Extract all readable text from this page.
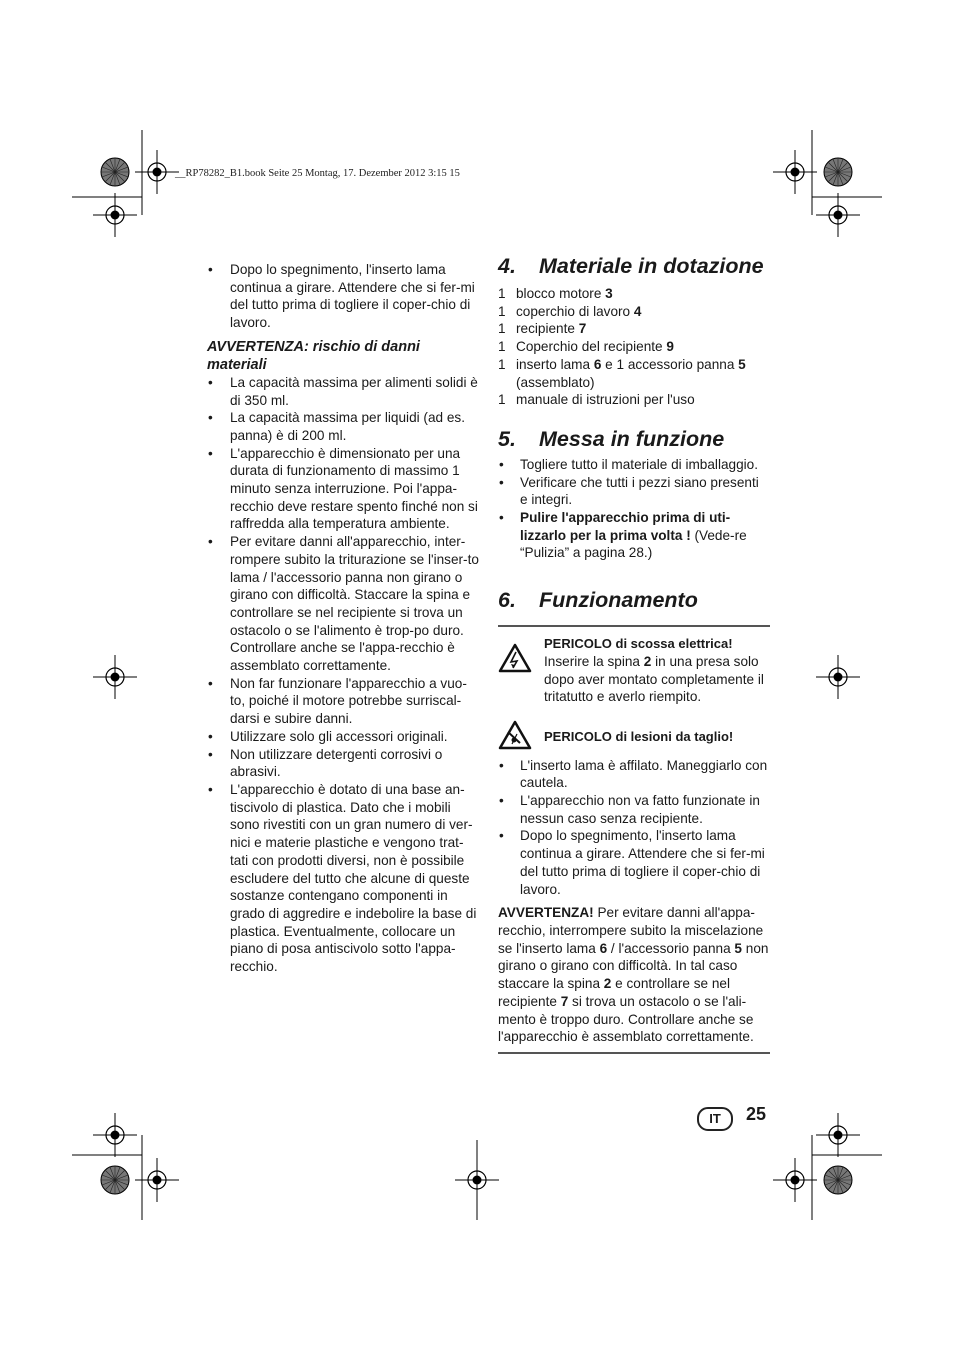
__RP78282_B1.book Seite 25 Montag, 17. Dezember 2012 3:15 15
• Dopo lo spegnimento, l'inserto lama continua a girare. Attendere che si fer-mi del tutto prima di togliere il coper-chio di lavoro.
AVVERTENZA: rischio di danni materiali
• La capacità massima per alimenti solidi è di 350 ml.
• La capacità massima per liquidi (ad es. panna) è di 200 ml.
• L'apparecchio è dimensionato per una durata di funzionamento di massimo 1 minuto senza interruzione. Poi l'appa-recchio deve restare spento finché non si raffredda alla temperatura ambiente.
• Per evitare danni all'apparecchio, inter-rompere subito la triturazione se l'inser-to lama / l'accessorio panna non girano o girano con difficoltà. Staccare la spina e controllare se nel recipiente si trova un ostacolo o se l'alimento è trop-po duro. Controllare anche se l'appa-recchio è assemblato correttamente.
• Non far funzionare l'apparecchio a vuo-to, poiché il motore potrebbe surriscal-darsi e subire danni.
• Utilizzare solo gli accessori originali.
• Non utilizzare detergenti corrosivi o abrasivi.
• L'apparecchio è dotato di una base an-tiscivolo di plastica. Dato che i mobili sono rivestiti con un gran numero di ver-nici e materie plastiche e vengono trat-tati con prodotti diversi, non è possibile escludere del tutto che alcune di queste sostanze contengano componenti in grado di aggredire e indebolire la base di plastica. Eventualmente, collocare un piano di posa antiscivolo sotto l'appa-recchio.
4.	Materiale in dotazione
1 blocco motore 3
1 coperchio di lavoro 4
1 recipiente 7
1 Coperchio del recipiente 9
1 inserto lama 6 e 1 accessorio panna 5 (assemblato)
1 manuale di istruzioni per l'uso
5.	Messa in funzione
• Togliere tutto il materiale di imballaggio.
• Verificare che tutti i pezzi siano presenti e integri.
• Pulire l'apparecchio prima di uti-lizzarlo per la prima volta ! (Vede-re “Pulizia” a pagina 28.)
6.	Funzionamento
PERICOLO di scossa elettrica!
Inserire la spina 2 in una presa solo dopo aver montato completamente il tritatutto e averlo riempito.
PERICOLO di lesioni da taglio!
• L'inserto lama è affilato. Maneggiarlo con cautela.
• L'apparecchio non va fatto funzionate in nessun caso senza recipiente.
• Dopo lo spegnimento, l'inserto lama continua a girare. Attendere che si fer-mi del tutto prima di togliere il coper-chio di lavoro.
AVVERTENZA! Per evitare danni all'appa-recchio, interrompere subito la miscelazione se l'inserto lama 6 / l'accessorio panna 5 non girano o girano con difficoltà. In tal caso staccare la spina 2 e controllare se nel recipiente 7 si trova un ostacolo o se l'ali-mento è troppo duro. Controllare anche se l'apparecchio è assemblato correttamente.
IT	25
